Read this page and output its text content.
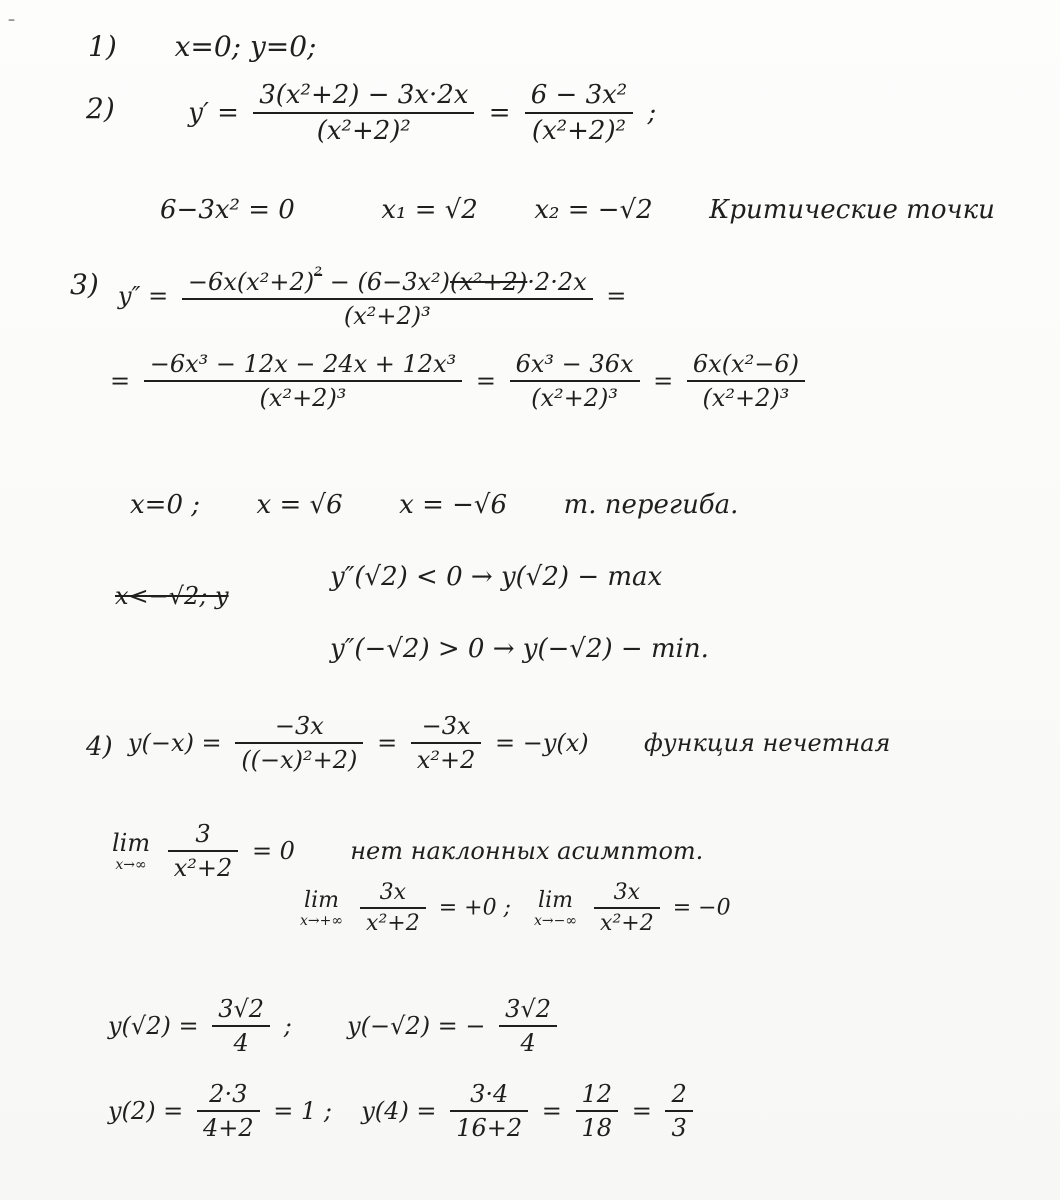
–
1) x=0; y=0;
2)	$y' = \frac{\text{3(x²+2) − 3x·2x}}{\text{(x²+2)²}} = \frac{\text{6 − 3x²}}{\text{(x²+2)²}}$ ;
6−3x² = 0	x₁ = √2 x₂ = −√2 Критические точки
3) $y'' = \frac{-6x(x^2+2)^{^2} - (6-3x^2)(x^2+2)\cdot 2\cdot 2x}{\text{(x²+2)³}}$ =
= $\frac{\text{−6x³ − 12x − 24x + 12x³}}{\text{(x²+2)³}} = \frac{\text{6x³ − 36x}}{\text{(x²+2)³}} = \frac{\text{6x(x²−6)}}{\text{(x²+2)³}}$
x=0 ; x = √6 x = −√6 т. перегиба.
x<−√2; y
y″(√2) < 0 → y(√2) − max
y″(−√2) > 0 → y(−√2) − min.
4) $y(-x) = \frac{-3x}{\text{((−x)²+2)}} = \frac{-3x}{\text{x²+2}} = -y(x)$ функция нечетная
lim
x→∞
$\frac{3}{\text{x²+2}} = 0$ нет наклонных асимптот.
lim
x→+∞
$\frac{3x}{\text{x²+2}} = +0$ ; lim
x→−∞
$\frac{3x}{\text{x²+2}} = -0$
$y(√2) = \frac{3√2}{4}$ ; y(−√2) = − $\frac{3√2}{4}$
$y(2) = \frac{2\cdot 3}{4+2} = 1$ ; $y(4) = \frac{3\cdot 4}{16+2} = \frac{12}{18} = \frac{2}{3}$
